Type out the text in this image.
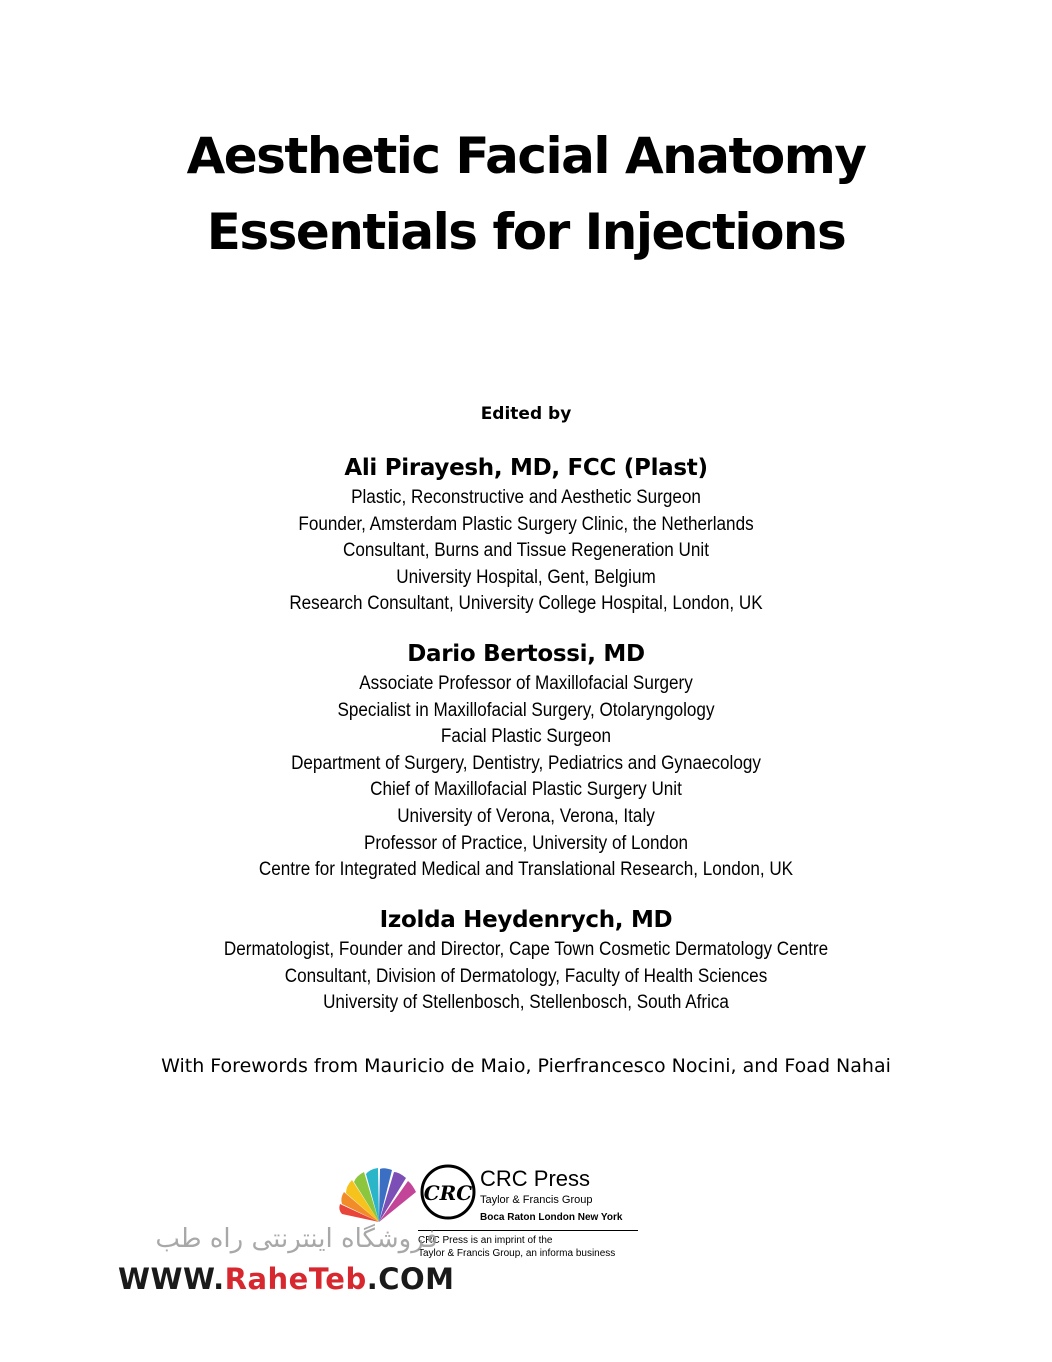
Aesthetic Facial Anatomy
Essentials for Injections
Edited by
Ali Pirayesh, MD, FCC (Plast)
Plastic, Reconstructive and Aesthetic Surgeon
Founder, Amsterdam Plastic Surgery Clinic, the Netherlands
Consultant, Burns and Tissue Regeneration Unit
University Hospital, Gent, Belgium
Research Consultant, University College Hospital, London, UK
Dario Bertossi, MD
Associate Professor of Maxillofacial Surgery
Specialist in Maxillofacial Surgery, Otolaryngology
Facial Plastic Surgeon
Department of Surgery, Dentistry, Pediatrics and Gynaecology
Chief of Maxillofacial Plastic Surgery Unit
University of Verona, Verona, Italy
Professor of Practice, University of London
Centre for Integrated Medical and Translational Research, London, UK
Izolda Heydenrych, MD
Dermatologist, Founder and Director, Cape Town Cosmetic Dermatology Centre
Consultant, Division of Dermatology, Faculty of Health Sciences
University of Stellenbosch, Stellenbosch, South Africa
With Forewords from Mauricio de Maio, Pierfrancesco Nocini, and Foad Nahai
CRC
CRC Press
Taylor & Francis Group
Boca Raton London New York
CRC Press is an imprint of the
Taylor & Francis Group, an informa business
فروشگاه اینترنتی راه طب
WWW.RaheTeb.COM
